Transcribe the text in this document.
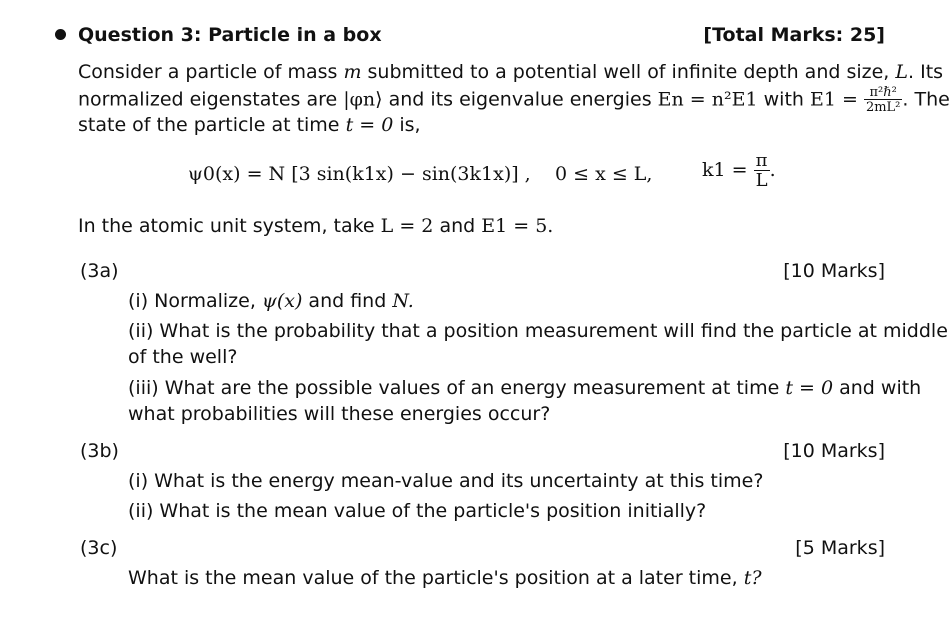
Question 3: Particle in a box	[Total Marks: 25]
Consider a particle of mass m submitted to a potential well of infinite depth and size, L. Its
normalized eigenstates are |φn⟩ and its eigenvalue energies En = n²E1 with $E1 = \frac{\text{π²ℏ²}}{\text{2mL²}}$ . The
state of the particle at time t = 0 is,
ψ0(x) = N [3 sin(k1x) − sin(3k1x)] , 0 ≤ x ≤ L,	$k1 = \frac{\pi}{L}$ .
In the atomic unit system, take L = 2 and E1 = 5.
(3a)	[10 Marks]
(i) Normalize, ψ(x) and find N.
(ii) What is the probability that a position measurement will find the particle at middle
of the well?
(iii) What are the possible values of an energy measurement at time t = 0 and with
what probabilities will these energies occur?
(3b)	[10 Marks]
(i) What is the energy mean-value and its uncertainty at this time?
(ii) What is the mean value of the particle's position initially?
(3c)	[5 Marks]
What is the mean value of the particle's position at a later time, t?
